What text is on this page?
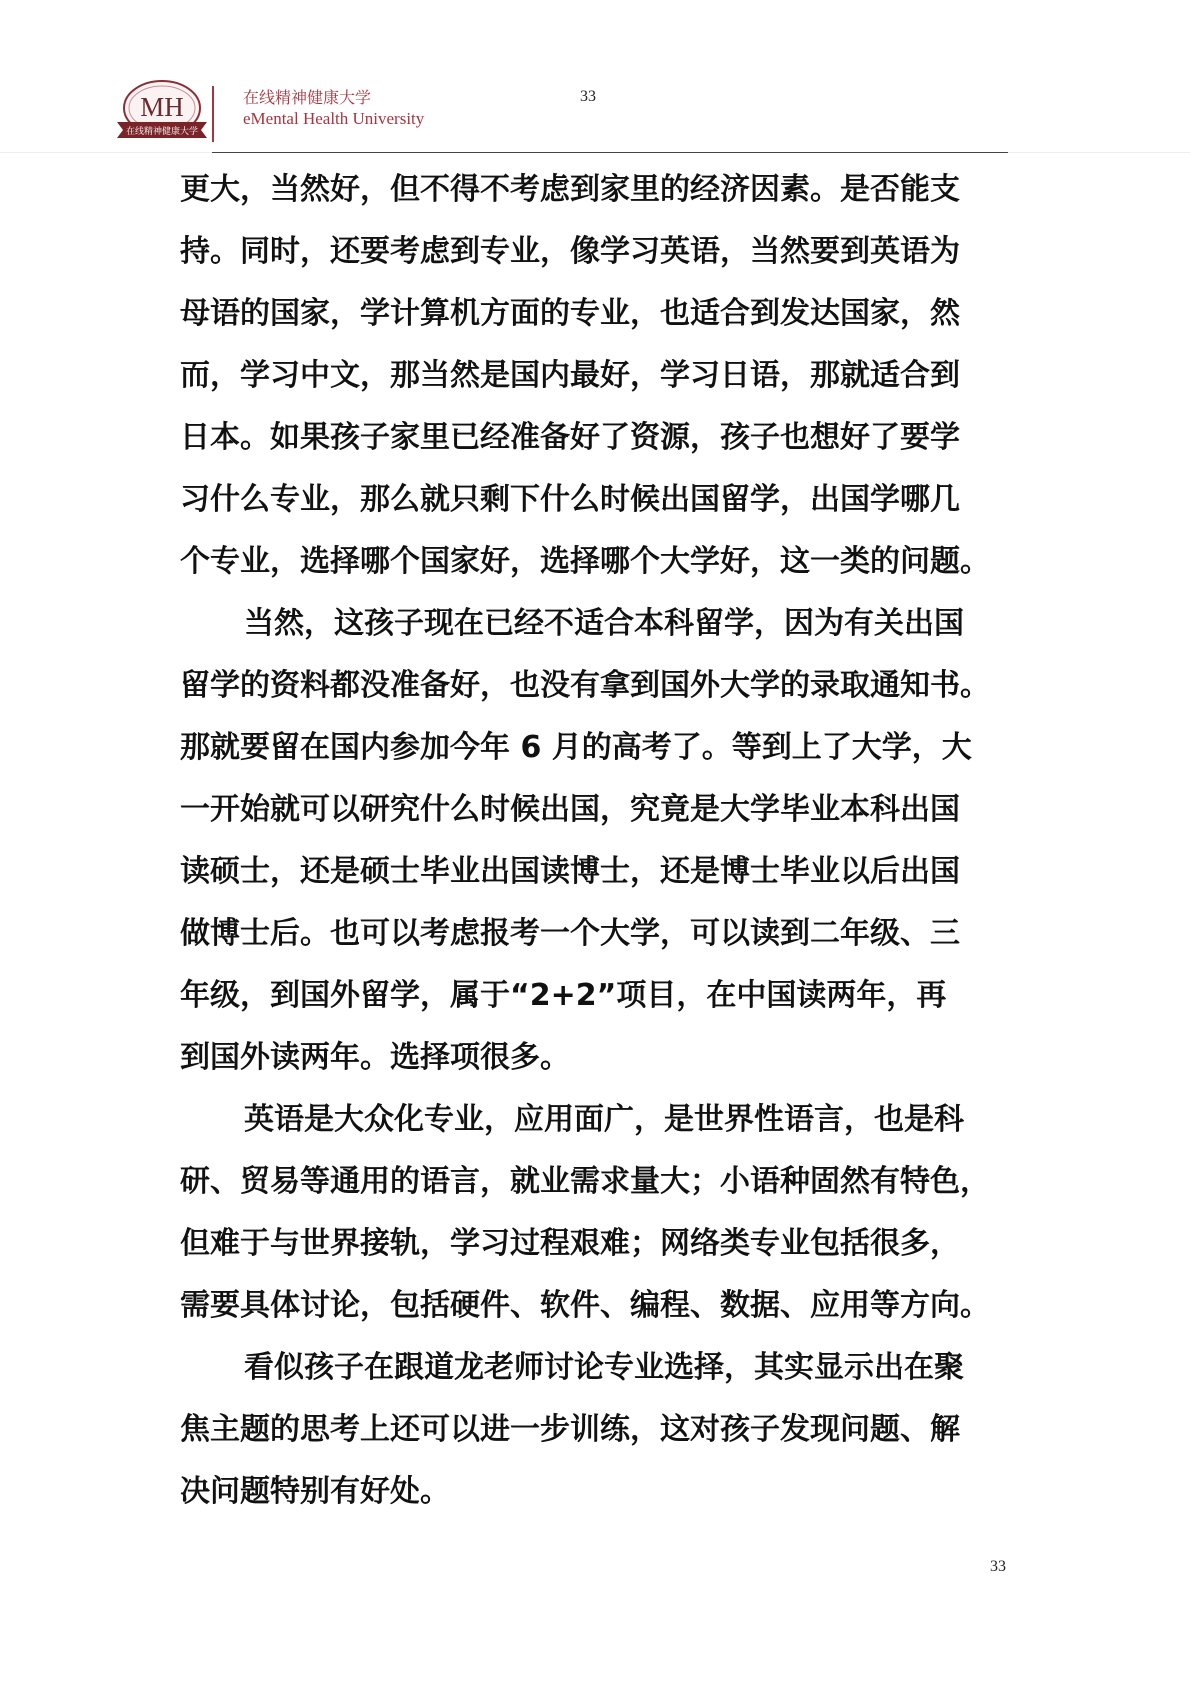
MH
在线精神健康大学
在线精神健康大学
eMental Health University
33
更大，当然好，但不得不考虑到家里的经济因素。是否能支
持。同时，还要考虑到专业，像学习英语，当然要到英语为
母语的国家，学计算机方面的专业，也适合到发达国家，然
而，学习中文，那当然是国内最好，学习日语，那就适合到
日本。如果孩子家里已经准备好了资源，孩子也想好了要学
习什么专业，那么就只剩下什么时候出国留学，出国学哪几
个专业，选择哪个国家好，选择哪个大学好，这一类的问题。
当然，这孩子现在已经不适合本科留学，因为有关出国
留学的资料都没准备好，也没有拿到国外大学的录取通知书。
那就要留在国内参加今年 6 月的高考了。等到上了大学，大
一开始就可以研究什么时候出国，究竟是大学毕业本科出国
读硕士，还是硕士毕业出国读博士，还是博士毕业以后出国
做博士后。也可以考虑报考一个大学，可以读到二年级、三
年级，到国外留学，属于“2+2”项目，在中国读两年，再
到国外读两年。选择项很多。
英语是大众化专业，应用面广，是世界性语言，也是科
研、贸易等通用的语言，就业需求量大；小语种固然有特色，
但难于与世界接轨，学习过程艰难；网络类专业包括很多，
需要具体讨论，包括硬件、软件、编程、数据、应用等方向。
看似孩子在跟道龙老师讨论专业选择，其实显示出在聚
焦主题的思考上还可以进一步训练，这对孩子发现问题、解
决问题特别有好处。
33
